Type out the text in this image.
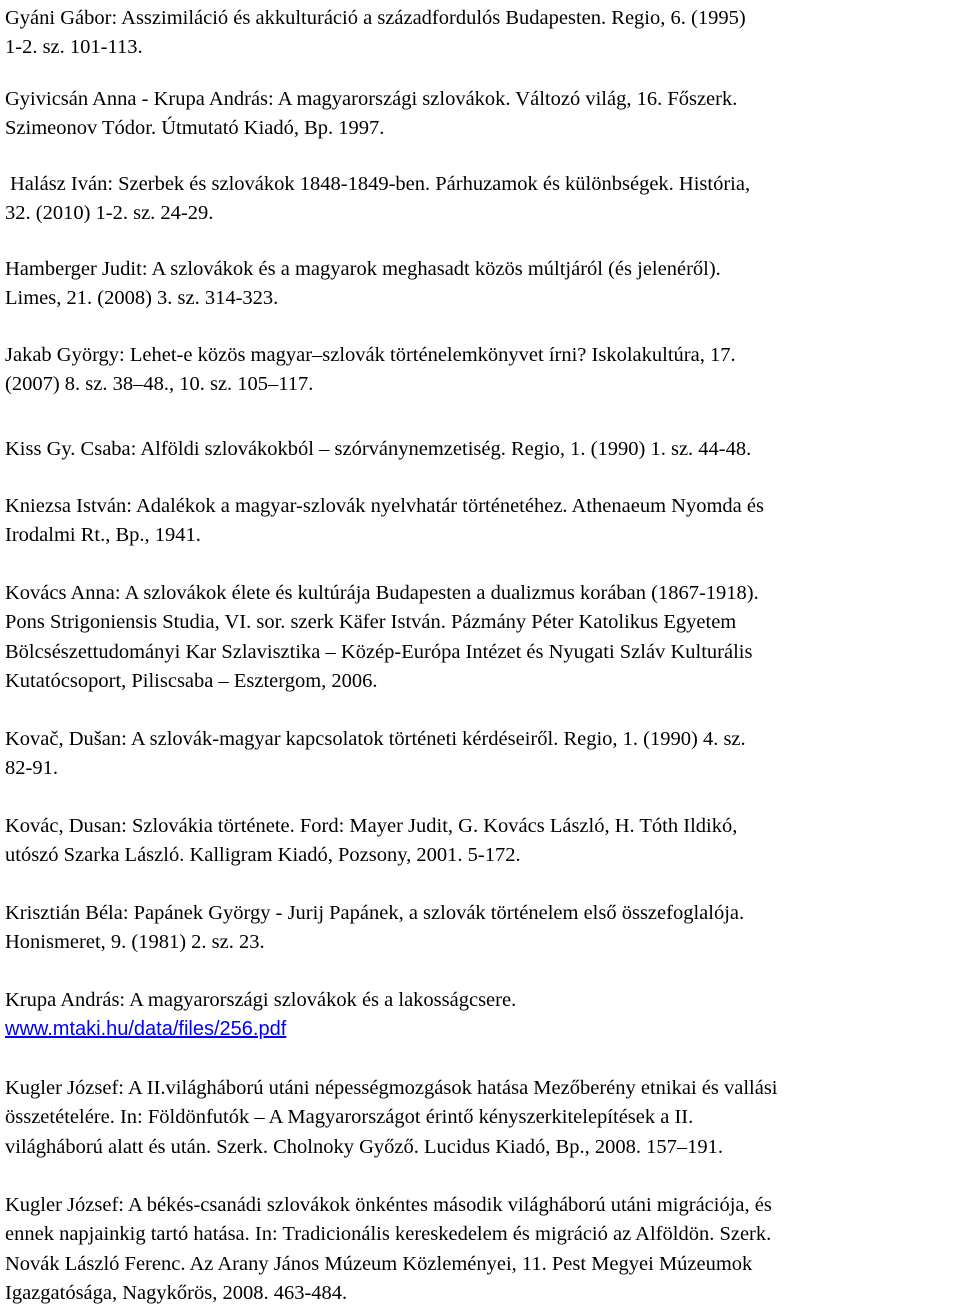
Gyáni Gábor: Asszimiláció és akkulturáció a századfordulós Budapesten. Regio, 6. (1995)
1-2. sz. 101-113.

Gyivicsán Anna - Krupa András: A magyarországi szlovákok. Változó világ, 16. Főszerk.
Szimeonov Tódor. Útmutató Kiadó, Bp. 1997.

Halász Iván: Szerbek és szlovákok 1848-1849-ben. Párhuzamok és különbségek. História,
32. (2010) 1-2. sz. 24-29.

Hamberger Judit: A szlovákok és a magyarok meghasadt közös múltjáról (és jelenéről).
Limes, 21. (2008) 3. sz. 314-323.

Jakab György: Lehet-e közös magyar–szlovák történelemkönyvet írni? Iskolakultúra, 17.
(2007) 8. sz. 38–48., 10. sz. 105–117.

Kiss Gy. Csaba: Alföldi szlovákokból – szórványnemzetiség. Regio, 1. (1990) 1. sz. 44-48.

Kniezsa István: Adalékok a magyar-szlovák nyelvhatár történetéhez. Athenaeum Nyomda és
Irodalmi Rt., Bp., 1941.

Kovács Anna: A szlovákok élete és kultúrája Budapesten a dualizmus korában (1867-1918).
Pons Strigoniensis Studia, VI. sor. szerk Käfer István. Pázmány Péter Katolikus Egyetem
Bölcsészettudományi Kar Szlavisztika – Közép-Európa Intézet és Nyugati Szláv Kulturális
Kutatócsoport, Piliscsaba – Esztergom, 2006.

Kovač, Dušan: A szlovák-magyar kapcsolatok történeti kérdéseiről. Regio, 1. (1990) 4. sz.
82-91.

Kovác, Dusan: Szlovákia története. Ford: Mayer Judit, G. Kovács László, H. Tóth Ildikó,
utószó Szarka László. Kalligram Kiadó, Pozsony, 2001. 5-172.

Krisztián Béla: Papánek György - Jurij Papánek, a szlovák történelem első összefoglalója.
Honismeret, 9. (1981) 2. sz. 23.

Krupa András: A magyarországi szlovákok és a lakosságcsere.
www.mtaki.hu/data/files/256.pdf

Kugler József: A II.világháború utáni népességmozgások hatása Mezőberény etnikai és vallási
összetételére. In: Földönfutók – A Magyarországot érintő kényszerkitelepítések a II.
világháború alatt és után. Szerk. Cholnoky Győző. Lucidus Kiadó, Bp., 2008. 157–191.

Kugler József: A békés-csanádi szlovákok önkéntes második világháború utáni migrációja, és
ennek napjainkig tartó hatása. In: Tradicionális kereskedelem és migráció az Alföldön. Szerk.
Novák László Ferenc. Az Arany János Múzeum Közleményei, 11. Pest Megyei Múzeumok
Igazgatósága, Nagykőrös, 2008. 463-484.
